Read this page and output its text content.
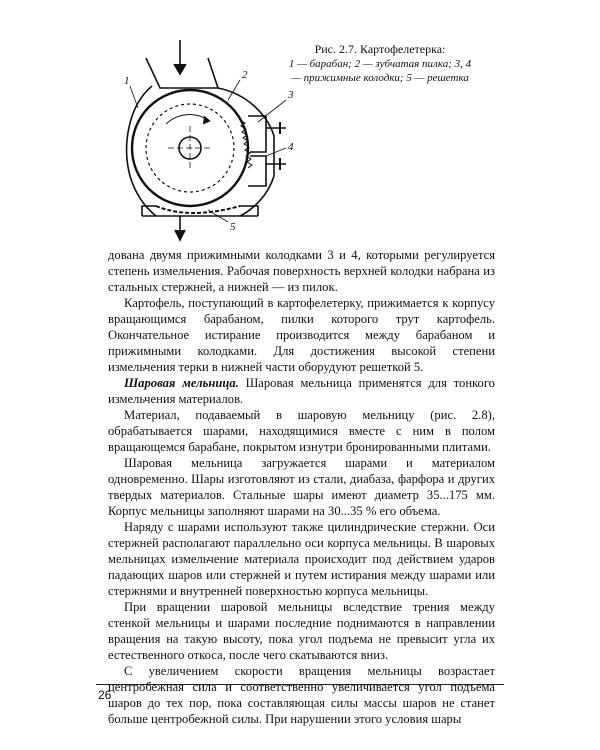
1	2
3
4
5
Рис. 2.7. Картофелетерка:
1 — барабан; 2 — зубчатая пилка; 3, 4 — прижимные колодки; 5 — решетка

дована двумя прижимными колодками 3 и 4, которыми регулируется степень измельчения. Рабочая поверхность верхней колодки набрана из стальных стержней, а нижней — из пилок.

Картофель, поступающий в картофелетерку, прижимается к корпусу вращающимся барабаном, пилки которого трут картофель. Окончательное истирание производится между барабаном и прижимными колодками. Для достижения высокой степени измельчения терки в нижней части оборудуют решеткой 5.

Шаровая мельница. Шаровая мельница применятся для тонкого измельчения материалов.

Материал, подаваемый в шаровую мельницу (рис. 2.8), обрабатывается шарами, находящимися вместе с ним в полом вращающемся барабане, покрытом изнутри бронированными плитами.

Шаровая мельница загружается шарами и материалом одновременно. Шары изготовляют из стали, диабаза, фарфора и других твердых материалов. Стальные шары имеют диаметр 35...175 мм. Корпус мельницы заполняют шарами на 30...35 % его объема.

Наряду с шарами используют также цилиндрические стержни. Оси стержней располагают параллельно оси корпуса мельницы. В шаровых мельницах измельчение материала происходит под действием ударов падающих шаров или стержней и путем истирания между шарами или стержнями и внутренней поверхностью корпуса мельницы.

При вращении шаровой мельницы вследствие трения между стенкой мельницы и шарами последние поднимаются в направлении вращения на такую высоту, пока угол подъема не превысит угла их естественного откоса, после чего скатываются вниз.

С увеличением скорости вращения мельницы возрастает центробежная сила и соответственно увеличивается угол подъема шаров до тех пор, пока составляющая силы массы шаров не станет больше центробежной силы. При нарушении этого условия шары

26
